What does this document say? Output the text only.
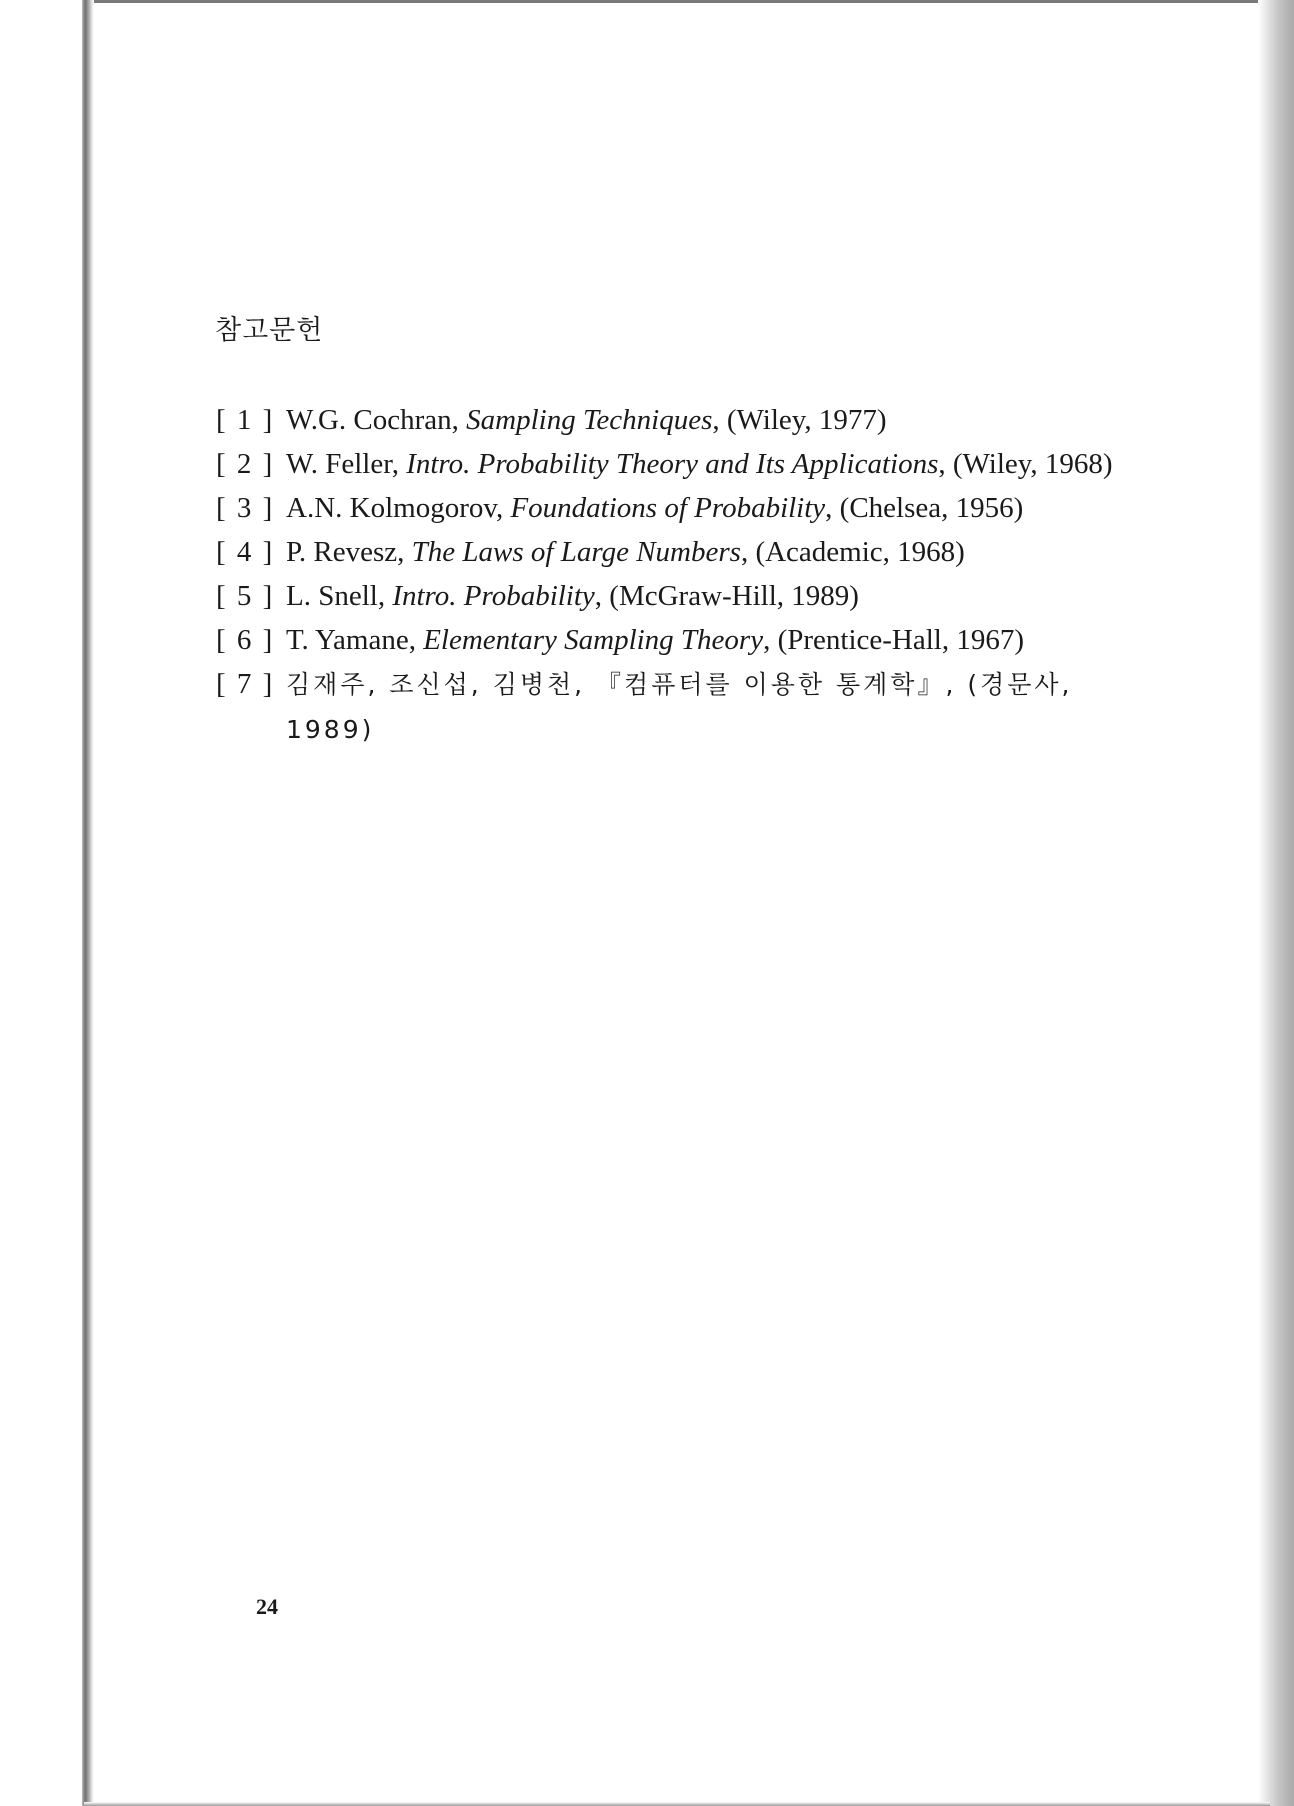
참고문헌

[ 1 ] W.G. Cochran, Sampling Techniques, (Wiley, 1977)

[ 2 ] W. Feller, Intro. Probability Theory and Its Applications, (Wiley, 1968)

[ 3 ] A.N. Kolmogorov, Foundations of Probability, (Chelsea, 1956)

[ 4 ] P. Revesz, The Laws of Large Numbers, (Academic, 1968)

[ 5 ] L. Snell, Intro. Probability, (McGraw-Hill, 1989)

[ 6 ] T. Yamane, Elementary Sampling Theory, (Prentice-Hall, 1967)

[ 7 ] 김재주, 조신섭, 김병천, 『컴퓨터를 이용한 통계학』, (경문사, 1989)

24
